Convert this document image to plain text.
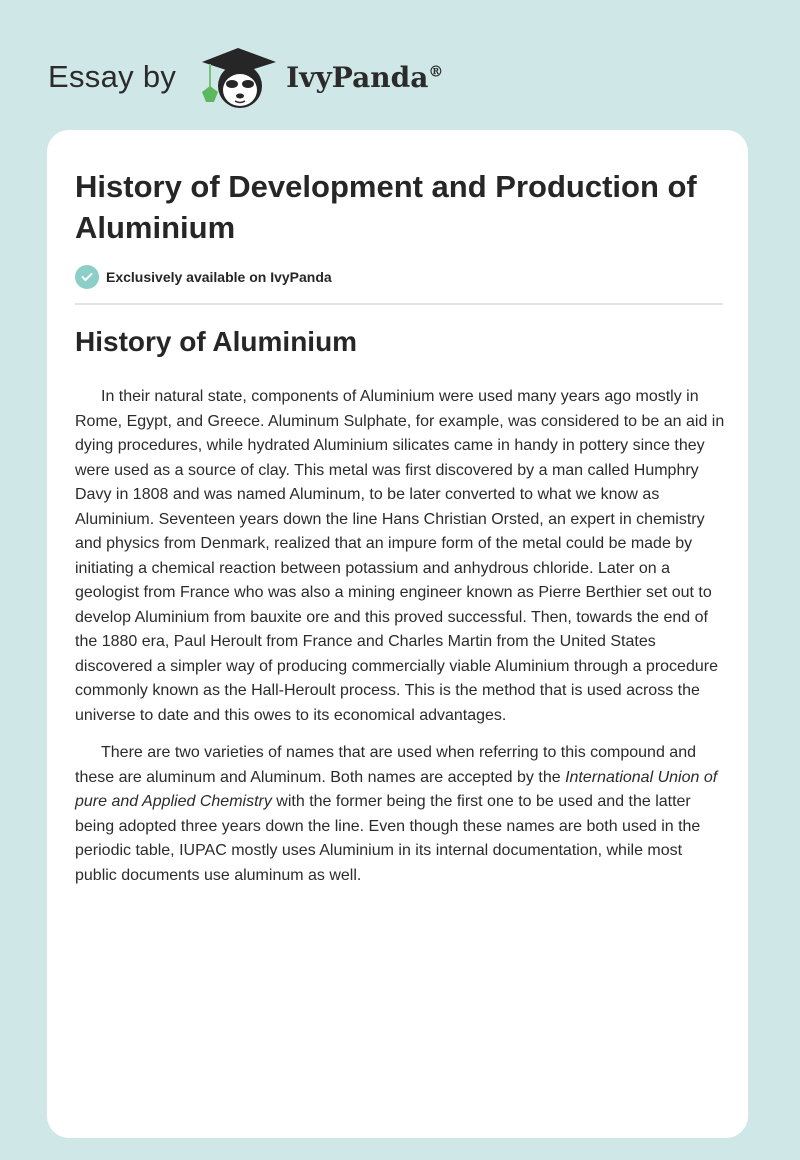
Essay by	IvyPanda®
History of Development and Production of Aluminium
Exclusively available on IvyPanda
History of Aluminium

In their natural state, components of Aluminium were used many years ago mostly in Rome, Egypt, and Greece. Aluminum Sulphate, for example, was considered to be an aid in dying procedures, while hydrated Aluminium silicates came in handy in pottery since they were used as a source of clay. This metal was first discovered by a man called Humphry Davy in 1808 and was named Aluminum, to be later converted to what we know as Aluminium. Seventeen years down the line Hans Christian Orsted, an expert in chemistry and physics from Denmark, realized that an impure form of the metal could be made by initiating a chemical reaction between potassium and anhydrous chloride. Later on a geologist from France who was also a mining engineer known as Pierre Berthier set out to develop Aluminium from bauxite ore and this proved successful. Then, towards the end of the 1880 era, Paul Heroult from France and Charles Martin from the United States discovered a simpler way of producing commercially viable Aluminium through a procedure commonly known as the Hall-Heroult process. This is the method that is used across the universe to date and this owes to its economical advantages.

There are two varieties of names that are used when referring to this compound and these are aluminum and Aluminum. Both names are accepted by the International Union of pure and Applied Chemistry with the former being the first one to be used and the latter being adopted three years down the line. Even though these names are both used in the periodic table, IUPAC mostly uses Aluminium in its internal documentation, while most public documents use aluminum as well.
